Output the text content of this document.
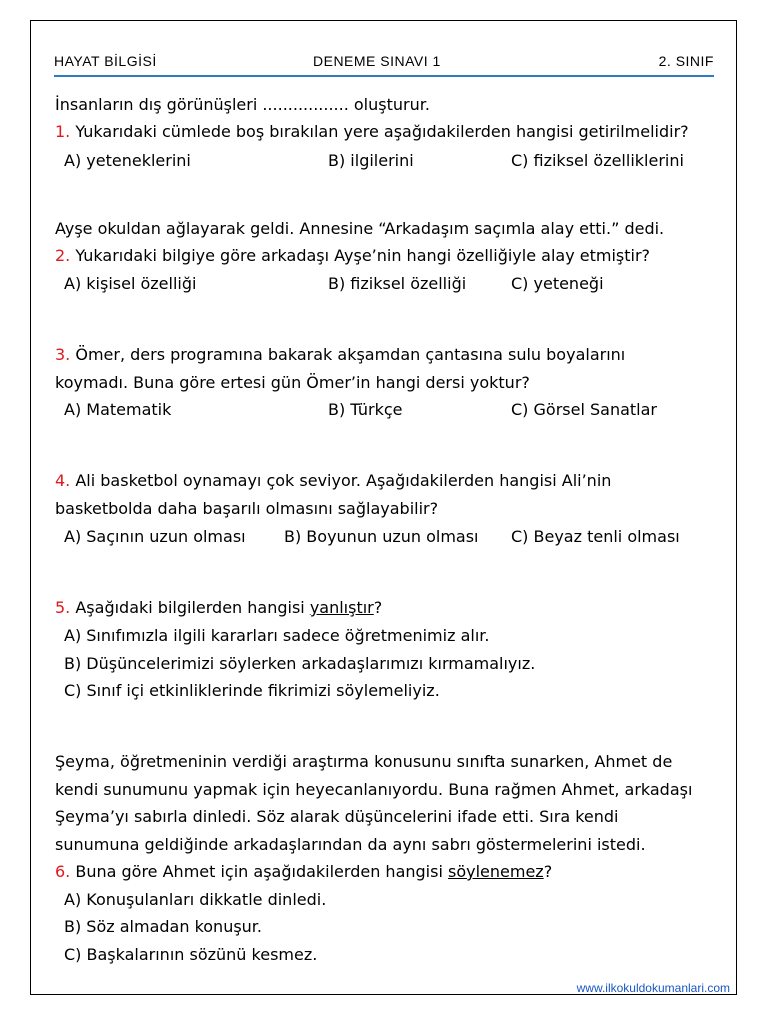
HAYAT BİLGİSİ	DENEME SINAVI 1	2. SINIF
İnsanların dış görünüşleri ................. oluşturur.
1. Yukarıdaki cümlede boş bırakılan yere aşağıdakilerden hangisi getirilmelidir?
A) yeteneklerini	B) ilgilerini	C) fiziksel özelliklerini
Ayşe okuldan ağlayarak geldi. Annesine “Arkadaşım saçımla alay etti.” dedi.
2. Yukarıdaki bilgiye göre arkadaşı Ayşe’nin hangi özelliğiyle alay etmiştir?
A) kişisel özelliği	B) fiziksel özelliği	C) yeteneği
3. Ömer, ders programına bakarak akşamdan çantasına sulu boyalarını
koymadı. Buna göre ertesi gün Ömer’in hangi dersi yoktur?
A) Matematik	B) Türkçe	C) Görsel Sanatlar
4. Ali basketbol oynamayı çok seviyor. Aşağıdakilerden hangisi Ali’nin
basketbolda daha başarılı olmasını sağlayabilir?
A) Saçının uzun olması B) Boyunun uzun olması C) Beyaz tenli olması
5. Aşağıdaki bilgilerden hangisi yanlıştır?
A) Sınıfımızla ilgili kararları sadece öğretmenimiz alır.
B) Düşüncelerimizi söylerken arkadaşlarımızı kırmamalıyız.
C) Sınıf içi etkinliklerinde fikrimizi söylemeliyiz.
Şeyma, öğretmeninin verdiği araştırma konusunu sınıfta sunarken, Ahmet de
kendi sunumunu yapmak için heyecanlanıyordu. Buna rağmen Ahmet, arkadaşı
Şeyma’yı sabırla dinledi. Söz alarak düşüncelerini ifade etti. Sıra kendi
sunumuna geldiğinde arkadaşlarından da aynı sabrı göstermelerini istedi.
6. Buna göre Ahmet için aşağıdakilerden hangisi söylenemez?
A) Konuşulanları dikkatle dinledi.
B) Söz almadan konuşur.
C) Başkalarının sözünü kesmez.
www.ilkokuldokumanlari.com
